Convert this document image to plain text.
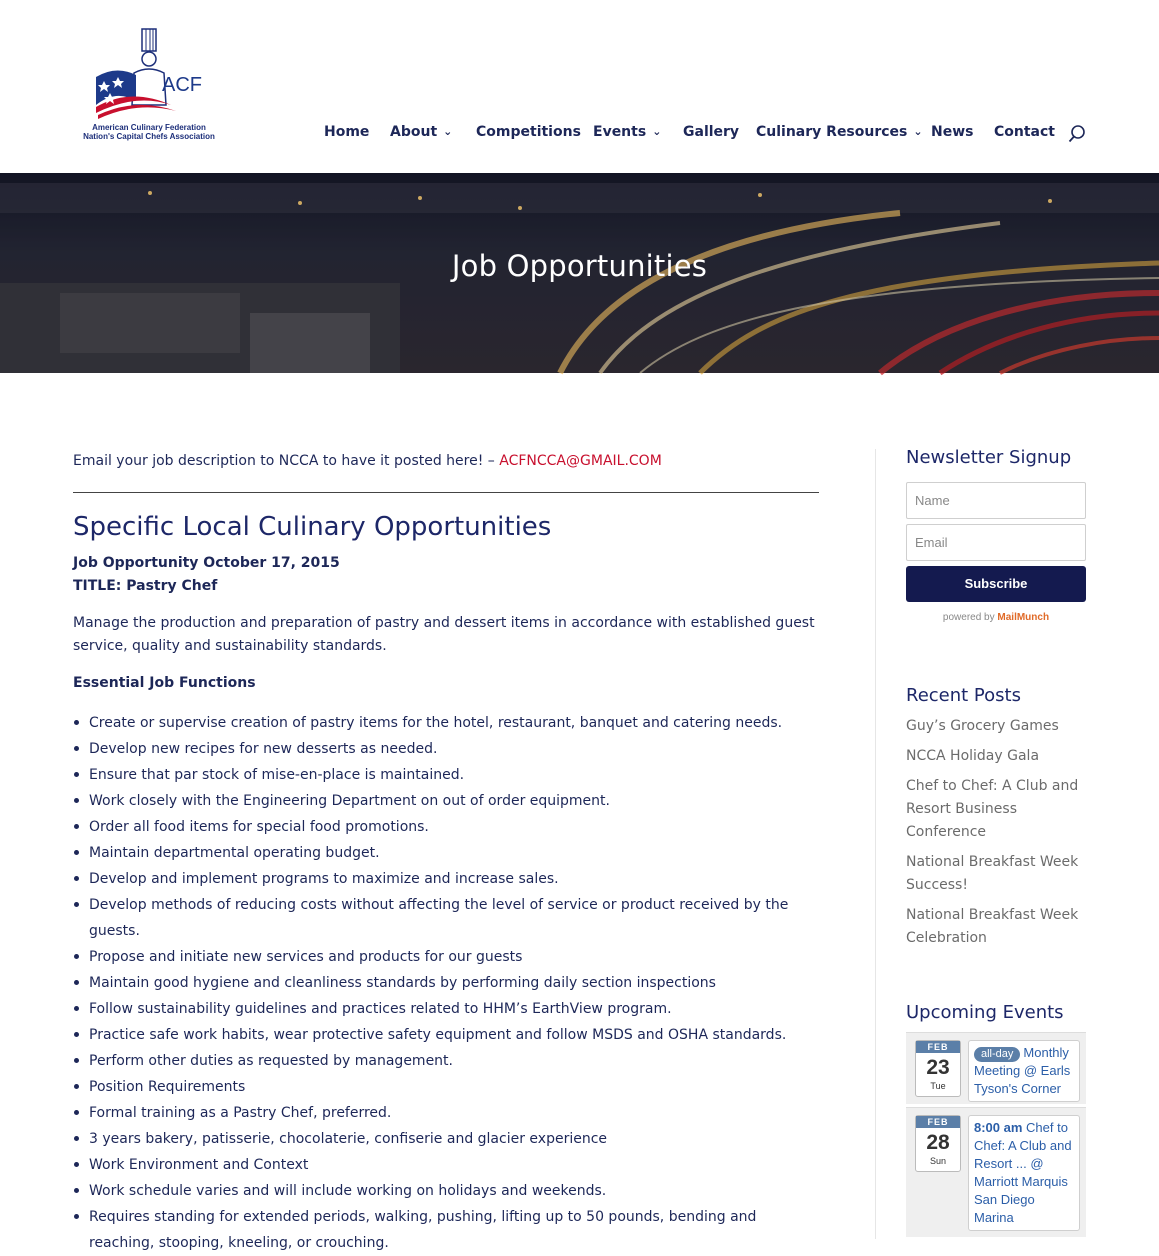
ACF
American Culinary Federation
Nation's Capital Chefs Association	Home About ⌄ Competitions Events ⌄ Gallery Culinary Resources ⌄ News Contact
Job Opportunities

Email your job description to NCCA to have it posted here! – ACFNCCA@GMAIL.COM

Specific Local Culinary Opportunities
Job Opportunity October 17, 2015
TITLE: Pastry Chef

Manage the production and preparation of pastry and dessert items in accordance with established guest service, quality and sustainability standards.

Essential Job Functions
Create or supervise creation of pastry items for the hotel, restaurant, banquet and catering needs.
Develop new recipes for new desserts as needed.
Ensure that par stock of mise-en-place is maintained.
Work closely with the Engineering Department on out of order equipment.
Order all food items for special food promotions.
Maintain departmental operating budget.
Develop and implement programs to maximize and increase sales.
Develop methods of reducing costs without affecting the level of service or product received by the guests.
Propose and initiate new services and products for our guests
Maintain good hygiene and cleanliness standards by performing daily section inspections
Follow sustainability guidelines and practices related to HHM’s EarthView program.
Practice safe work habits, wear protective safety equipment and follow MSDS and OSHA standards.
Perform other duties as requested by management.
Position Requirements
Formal training as a Pastry Chef, preferred.
3 years bakery, patisserie, chocolaterie, confiserie and glacier experience
Work Environment and Context
Work schedule varies and will include working on holidays and weekends.
Requires standing for extended periods, walking, pushing, lifting up to 50 pounds, bending and reaching, stooping, kneeling, or crouching.
Newsletter Signup
Name
Email
Subscribe
powered by MailMunch
Recent Posts
Guy’s Grocery Games
NCCA Holiday Gala
Chef to Chef: A Club and Resort Business Conference
National Breakfast Week Success!
National Breakfast Week Celebration
Upcoming Events
FEB
23
Tue
all-day Monthly Meeting @ Earls Tyson's Corner
FEB
28
Sun
8:00 am Chef to Chef: A Club and Resort ... @ Marriott Marquis San Diego Marina
